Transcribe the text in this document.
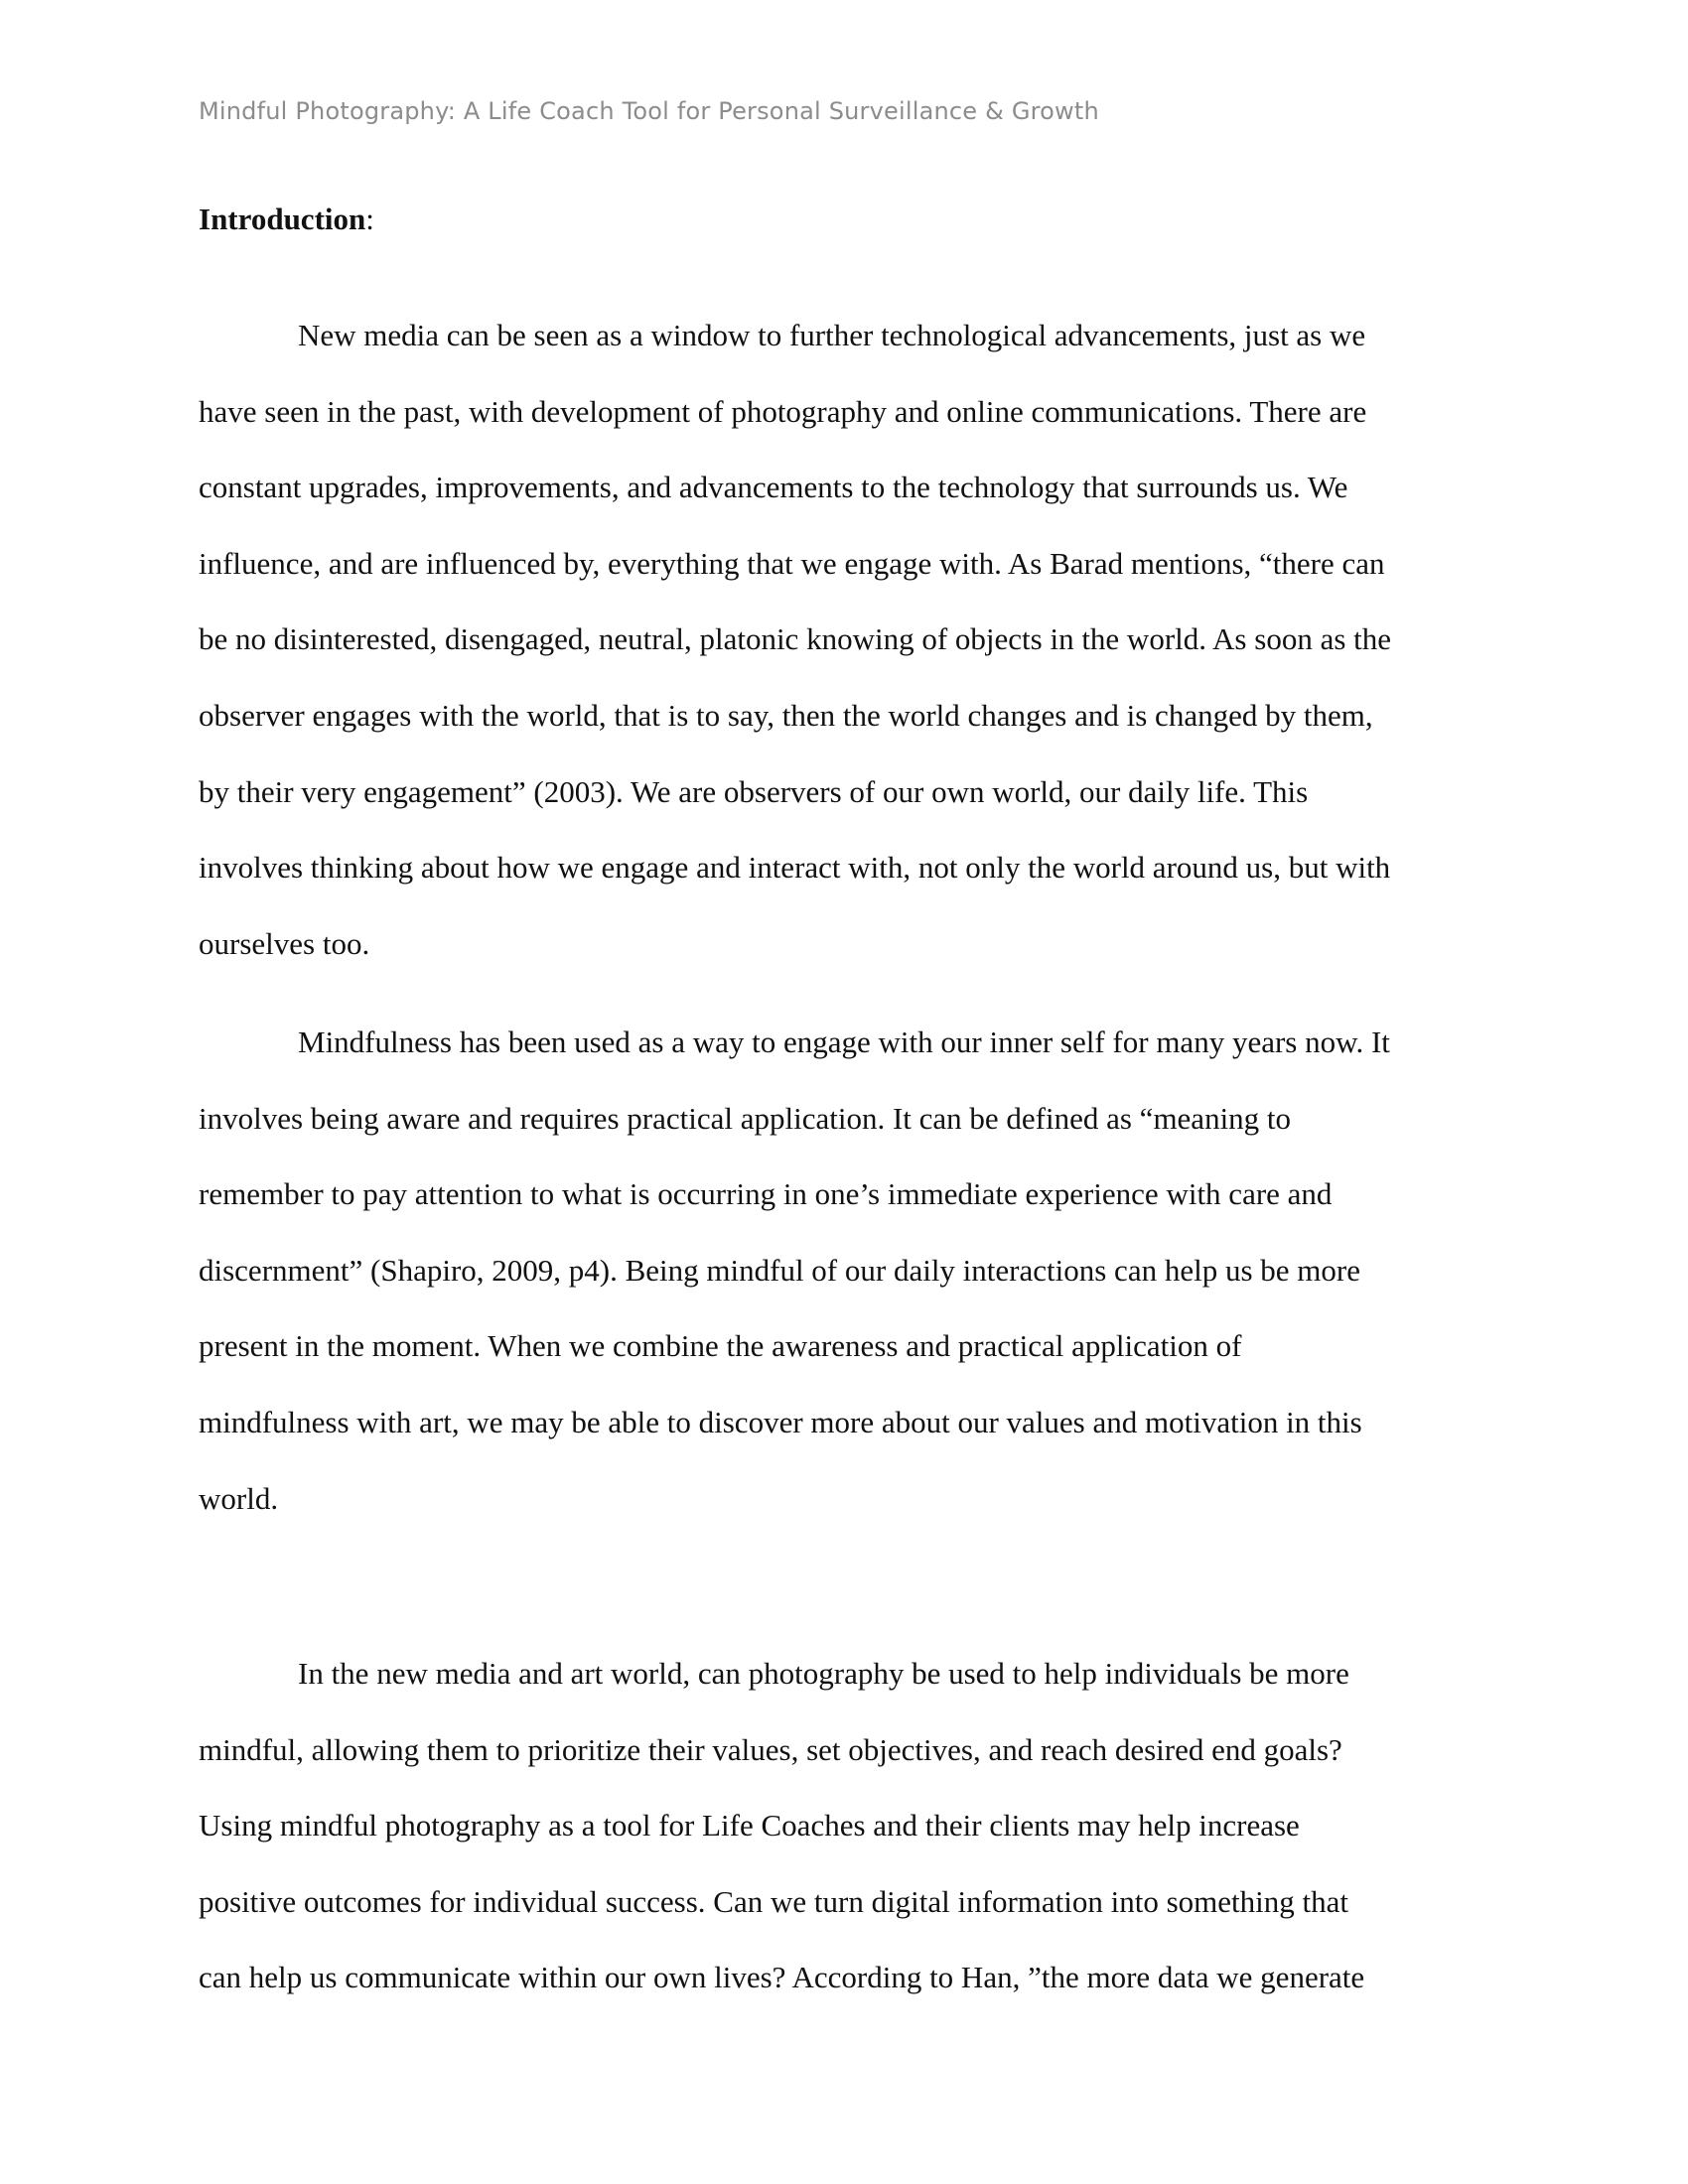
Mindful Photography: A Life Coach Tool for Personal Surveillance & Growth
Introduction:

New media can be seen as a window to further technological advancements, just as we
have seen in the past, with development of photography and online communications. There are
constant upgrades, improvements, and advancements to the technology that surrounds us. We
influence, and are influenced by, everything that we engage with. As Barad mentions, “there can
be no disinterested, disengaged, neutral, platonic knowing of objects in the world. As soon as the
observer engages with the world, that is to say, then the world changes and is changed by them,
by their very engagement” (2003). We are observers of our own world, our daily life. This
involves thinking about how we engage and interact with, not only the world around us, but with
ourselves too.

Mindfulness has been used as a way to engage with our inner self for many years now. It
involves being aware and requires practical application. It can be defined as “meaning to
remember to pay attention to what is occurring in one’s immediate experience with care and
discernment” (Shapiro, 2009, p4). Being mindful of our daily interactions can help us be more
present in the moment. When we combine the awareness and practical application of
mindfulness with art, we may be able to discover more about our values and motivation in this
world.

In the new media and art world, can photography be used to help individuals be more
mindful, allowing them to prioritize their values, set objectives, and reach desired end goals?
Using mindful photography as a tool for Life Coaches and their clients may help increase
positive outcomes for individual success. Can we turn digital information into something that
can help us communicate within our own lives? According to Han, ”the more data we generate
